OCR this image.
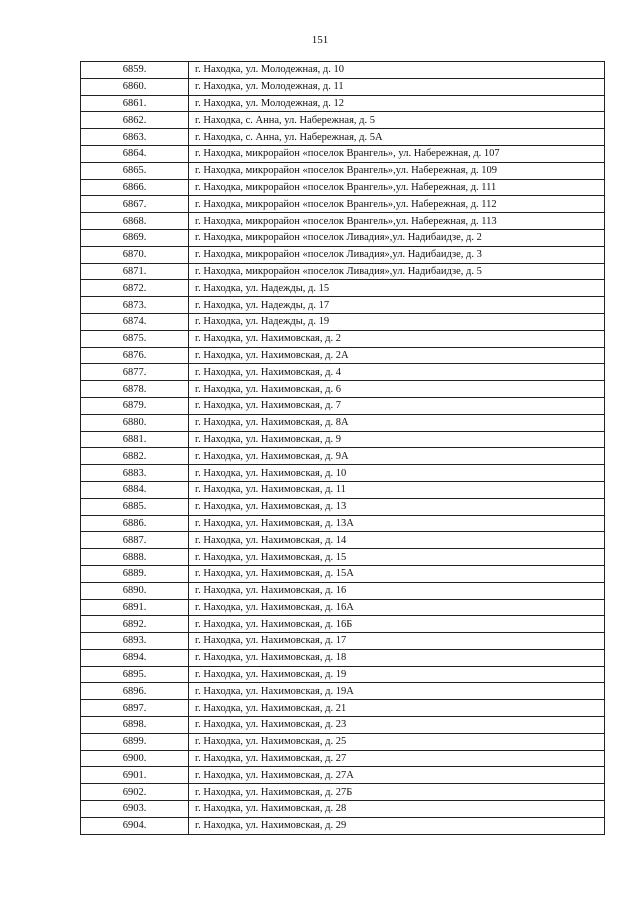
151
6859.	г. Находка, ул. Молодежная, д. 10
6860.	г. Находка, ул. Молодежная, д. 11
6861.	г. Находка, ул. Молодежная, д. 12
6862.	г. Находка, с. Анна, ул. Набережная, д. 5
6863.	г. Находка, с. Анна, ул. Набережная, д. 5А
6864.	г. Находка, микрорайон «поселок Врангель», ул. Набережная, д. 107
6865.	г. Находка, микрорайон «поселок Врангель»,ул. Набережная, д. 109
6866.	г. Находка, микрорайон «поселок Врангель»,ул. Набережная, д. 111
6867.	г. Находка, микрорайон «поселок Врангель»,ул. Набережная, д. 112
6868.	г. Находка, микрорайон «поселок Врангель»,ул. Набережная, д. 113
6869.	г. Находка, микрорайон «поселок Ливадия»,ул. Надибаидзе, д. 2
6870.	г. Находка, микрорайон «поселок Ливадия»,ул. Надибаидзе, д. 3
6871.	г. Находка, микрорайон «поселок Ливадия»,ул. Надибаидзе, д. 5
6872.	г. Находка, ул. Надежды, д. 15
6873.	г. Находка, ул. Надежды, д. 17
6874.	г. Находка, ул. Надежды, д. 19
6875.	г. Находка, ул. Нахимовская, д. 2
6876.	г. Находка, ул. Нахимовская, д. 2А
6877.	г. Находка, ул. Нахимовская, д. 4
6878.	г. Находка, ул. Нахимовская, д. 6
6879.	г. Находка, ул. Нахимовская, д. 7
6880.	г. Находка, ул. Нахимовская, д. 8А
6881.	г. Находка, ул. Нахимовская, д. 9
6882.	г. Находка, ул. Нахимовская, д. 9А
6883.	г. Находка, ул. Нахимовская, д. 10
6884.	г. Находка, ул. Нахимовская, д. 11
6885.	г. Находка, ул. Нахимовская, д. 13
6886.	г. Находка, ул. Нахимовская, д. 13А
6887.	г. Находка, ул. Нахимовская, д. 14
6888.	г. Находка, ул. Нахимовская, д. 15
6889.	г. Находка, ул. Нахимовская, д. 15А
6890.	г. Находка, ул. Нахимовская, д. 16
6891.	г. Находка, ул. Нахимовская, д. 16А
6892.	г. Находка, ул. Нахимовская, д. 16Б
6893.	г. Находка, ул. Нахимовская, д. 17
6894.	г. Находка, ул. Нахимовская, д. 18
6895.	г. Находка, ул. Нахимовская, д. 19
6896.	г. Находка, ул. Нахимовская, д. 19А
6897.	г. Находка, ул. Нахимовская, д. 21
6898.	г. Находка, ул. Нахимовская, д. 23
6899.	г. Находка, ул. Нахимовская, д. 25
6900.	г. Находка, ул. Нахимовская, д. 27
6901.	г. Находка, ул. Нахимовская, д. 27А
6902.	г. Находка, ул. Нахимовская, д. 27Б
6903.	г. Находка, ул. Нахимовская, д. 28
6904.	г. Находка, ул. Нахимовская, д. 29
